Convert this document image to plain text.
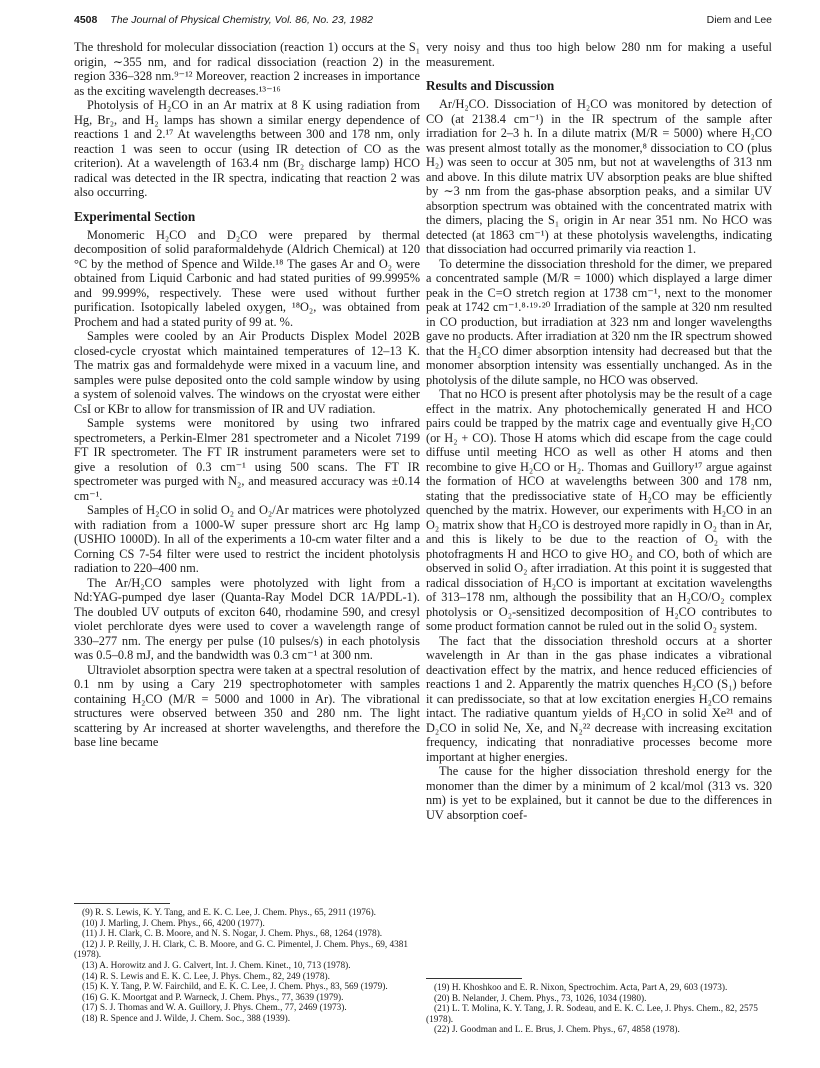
4508 The Journal of Physical Chemistry, Vol. 86, No. 23, 1982	Diem and Lee

The threshold for molecular dissociation (reaction 1) occurs at the S₁ origin, ∼355 nm, and for radical dissociation (reaction 2) in the region 336–328 nm.⁹⁻¹² Moreover, reaction 2 increases in importance as the exciting wavelength decreases.¹³⁻¹⁶

Photolysis of H₂CO in an Ar matrix at 8 K using radiation from Hg, Br₂, and H₂ lamps has shown a similar energy dependence of reactions 1 and 2.¹⁷ At wavelengths between 300 and 178 nm, only reaction 1 was seen to occur (using IR detection of CO as the criterion). At a wavelength of 163.4 nm (Br₂ discharge lamp) HCO radical was detected in the IR spectra, indicating that reaction 2 was also occurring.

Experimental Section

Monomeric H₂CO and D₂CO were prepared by thermal decomposition of solid paraformaldehyde (Aldrich Chemical) at 120 °C by the method of Spence and Wilde.¹⁸ The gases Ar and O₂ were obtained from Liquid Carbonic and had stated purities of 99.9995% and 99.999%, respectively. These were used without further purification. Isotopically labeled oxygen, ¹⁸O₂, was obtained from Prochem and had a stated purity of 99 at. %.

Samples were cooled by an Air Products Displex Model 202B closed-cycle cryostat which maintained temperatures of 12–13 K. The matrix gas and formaldehyde were mixed in a vacuum line, and samples were pulse deposited onto the cold sample window by using a system of solenoid valves. The windows on the cryostat were either CsI or KBr to allow for transmission of IR and UV radiation.

Sample systems were monitored by using two infrared spectrometers, a Perkin-Elmer 281 spectrometer and a Nicolet 7199 FT IR spectrometer. The FT IR instrument parameters were set to give a resolution of 0.3 cm⁻¹ using 500 scans. The FT IR spectrometer was purged with N₂, and measured accuracy was ±0.14 cm⁻¹.

Samples of H₂CO in solid O₂ and O₂/Ar matrices were photolyzed with radiation from a 1000-W super pressure short arc Hg lamp (USHIO 1000D). In all of the experiments a 10-cm water filter and a Corning CS 7-54 filter were used to restrict the incident photolysis radiation to 220–400 nm.

The Ar/H₂CO samples were photolyzed with light from a Nd:YAG-pumped dye laser (Quanta-Ray Model DCR 1A/PDL-1). The doubled UV outputs of exciton 640, rhodamine 590, and cresyl violet perchlorate dyes were used to cover a wavelength range of 330–277 nm. The energy per pulse (10 pulses/s) in each photolysis was 0.5–0.8 mJ, and the bandwidth was 0.3 cm⁻¹ at 300 nm.

Ultraviolet absorption spectra were taken at a spectral resolution of 0.1 nm by using a Cary 219 spectrophotometer with samples containing H₂CO (M/R = 5000 and 1000 in Ar). The vibrational structures were observed between 350 and 280 nm. The light scattering by Ar increased at shorter wavelengths, and therefore the base line became

(9) R. S. Lewis, K. Y. Tang, and E. K. C. Lee, J. Chem. Phys., 65, 2911 (1976).

(10) J. Marling, J. Chem. Phys., 66, 4200 (1977).

(11) J. H. Clark, C. B. Moore, and N. S. Nogar, J. Chem. Phys., 68, 1264 (1978).

(12) J. P. Reilly, J. H. Clark, C. B. Moore, and G. C. Pimentel, J. Chem. Phys., 69, 4381 (1978).

(13) A. Horowitz and J. G. Calvert, Int. J. Chem. Kinet., 10, 713 (1978).

(14) R. S. Lewis and E. K. C. Lee, J. Phys. Chem., 82, 249 (1978).

(15) K. Y. Tang, P. W. Fairchild, and E. K. C. Lee, J. Chem. Phys., 83, 569 (1979).

(16) G. K. Moortgat and P. Warneck, J. Chem. Phys., 77, 3639 (1979).

(17) S. J. Thomas and W. A. Guillory, J. Phys. Chem., 77, 2469 (1973).

(18) R. Spence and J. Wilde, J. Chem. Soc., 388 (1939).

very noisy and thus too high below 280 nm for making a useful measurement.

Results and Discussion

Ar/H₂CO. Dissociation of H₂CO was monitored by detection of CO (at 2138.4 cm⁻¹) in the IR spectrum of the sample after irradiation for 2–3 h. In a dilute matrix (M/R = 5000) where H₂CO was present almost totally as the monomer,⁸ dissociation to CO (plus H₂) was seen to occur at 305 nm, but not at wavelengths of 313 nm and above. In this dilute matrix UV absorption peaks are blue shifted by ∼3 nm from the gas-phase absorption peaks, and a similar UV absorption spectrum was obtained with the concentrated matrix with the dimers, placing the S₁ origin in Ar near 351 nm. No HCO was detected (at 1863 cm⁻¹) at these photolysis wavelengths, indicating that dissociation had occurred primarily via reaction 1.

To determine the dissociation threshold for the dimer, we prepared a concentrated sample (M/R = 1000) which displayed a large dimer peak in the C=O stretch region at 1738 cm⁻¹, next to the monomer peak at 1742 cm⁻¹.⁸·¹⁹·²⁰ Irradiation of the sample at 320 nm resulted in CO production, but irradiation at 323 nm and longer wavelengths gave no products. After irradiation at 320 nm the IR spectrum showed that the H₂CO dimer absorption intensity had decreased but that the monomer absorption intensity was essentially unchanged. As in the photolysis of the dilute sample, no HCO was observed.

That no HCO is present after photolysis may be the result of a cage effect in the matrix. Any photochemically generated H and HCO pairs could be trapped by the matrix cage and eventually give H₂CO (or H₂ + CO). Those H atoms which did escape from the cage could diffuse until meeting HCO as well as other H atoms and then recombine to give H₂CO or H₂. Thomas and Guillory¹⁷ argue against the formation of HCO at wavelengths between 300 and 178 nm, stating that the predissociative state of H₂CO may be efficiently quenched by the matrix. However, our experiments with H₂CO in an O₂ matrix show that H₂CO is destroyed more rapidly in O₂ than in Ar, and this is likely to be due to the reaction of O₂ with the photofragments H and HCO to give HO₂ and CO, both of which are observed in solid O₂ after irradiation. At this point it is suggested that radical dissociation of H₂CO is important at excitation wavelengths of 313–178 nm, although the possibility that an H₂CO/O₂ complex photolysis or O₂-sensitized decomposition of H₂CO contributes to some product formation cannot be ruled out in the solid O₂ system.

The fact that the dissociation threshold occurs at a shorter wavelength in Ar than in the gas phase indicates a vibrational deactivation effect by the matrix, and hence reduced efficiencies of reactions 1 and 2. Apparently the matrix quenches H₂CO (S₁) before it can predissociate, so that at low excitation energies H₂CO remains intact. The radiative quantum yields of H₂CO in solid Xe²¹ and of D₂CO in solid Ne, Xe, and N₂²² decrease with increasing excitation frequency, indicating that nonradiative processes become more important at higher energies.

The cause for the higher dissociation threshold energy for the monomer than the dimer by a minimum of 2 kcal/mol (313 vs. 320 nm) is yet to be explained, but it cannot be due to the differences in UV absorption coef-

(19) H. Khoshkoo and E. R. Nixon, Spectrochim. Acta, Part A, 29, 603 (1973).

(20) B. Nelander, J. Chem. Phys., 73, 1026, 1034 (1980).

(21) L. T. Molina, K. Y. Tang, J. R. Sodeau, and E. K. C. Lee, J. Phys. Chem., 82, 2575 (1978).

(22) J. Goodman and L. E. Brus, J. Chem. Phys., 67, 4858 (1978).
